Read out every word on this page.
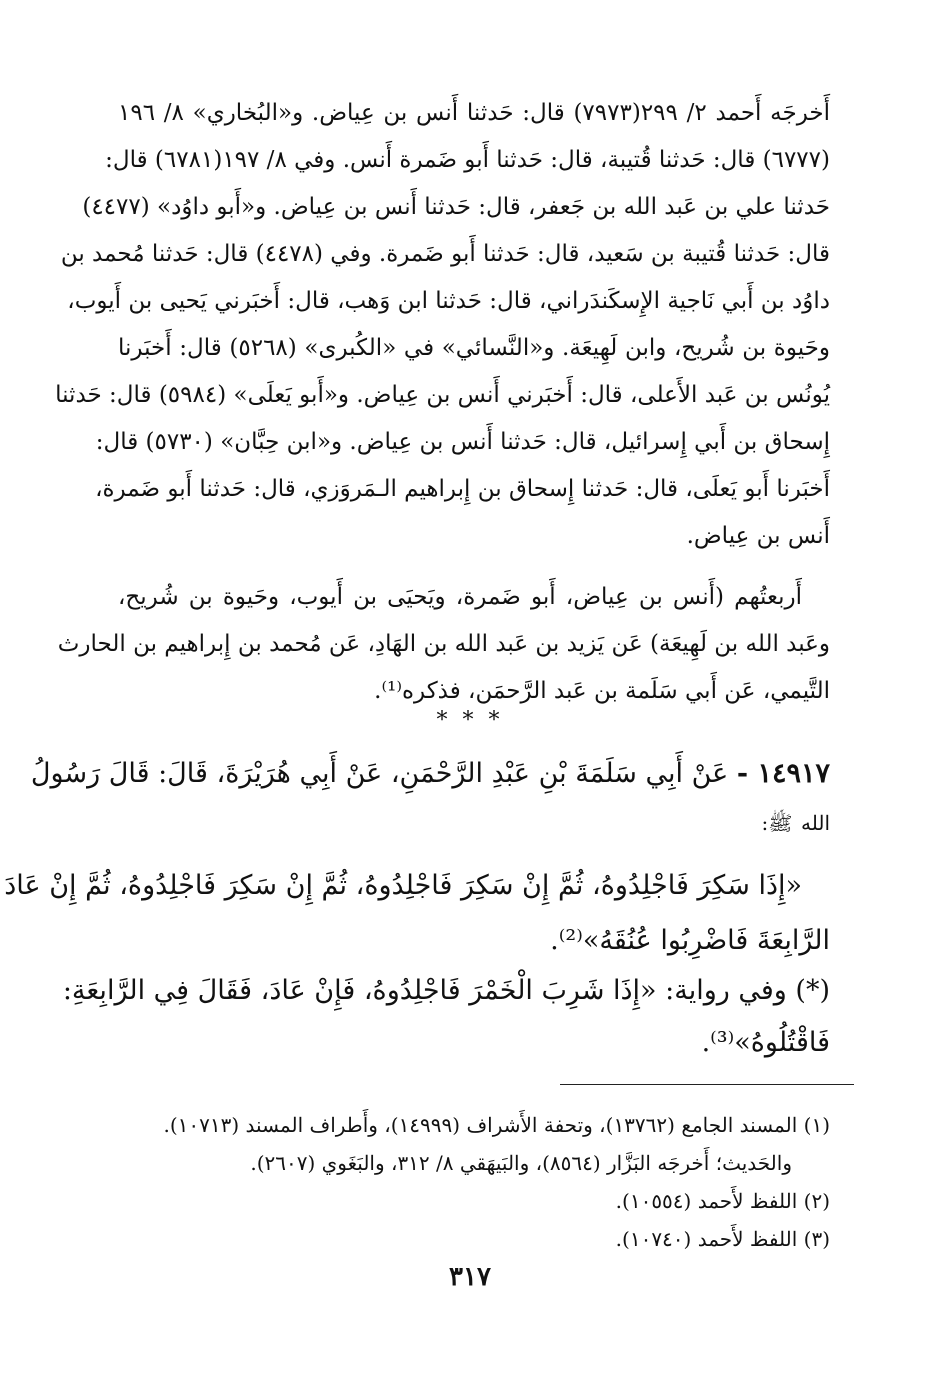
أَخرجَه أَحمد ٢/ ٢٩٩(٧٩٧٣) قال: حَدثنا أَنس بن عِياض. و«البُخاري» ٨/ ١٩٦
(٦٧٧٧) قال: حَدثنا قُتيبة، قال: حَدثنا أَبو ضَمرة أَنس. وفي ٨/ ١٩٧(٦٧٨١) قال:
حَدثنا علي بن عَبد الله بن جَعفر، قال: حَدثنا أَنس بن عِياض. و«أَبو داوُد» (٤٤٧٧)
قال: حَدثنا قُتيبة بن سَعيد، قال: حَدثنا أَبو ضَمرة. وفي (٤٤٧٨) قال: حَدثنا مُحمد بن
داوُد بن أَبي نَاجية الإِسكَندَراني، قال: حَدثنا ابن وَهب، قال: أَخبَرني يَحيى بن أَيوب،
وحَيوة بن شُريح، وابن لَهِيعَة. و«النَّسائي» في «الكُبرى» (٥٢٦٨) قال: أَخبَرنا
يُونُس بن عَبد الأَعلى، قال: أَخبَرني أَنس بن عِياض. و«أَبو يَعلَى» (٥٩٨٤) قال: حَدثنا
إِسحاق بن أَبي إِسرائيل، قال: حَدثنا أَنس بن عِياض. و«ابن حِبَّان» (٥٧٣٠) قال:
أَخبَرنا أَبو يَعلَى، قال: حَدثنا إِسحاق بن إِبراهيم الـمَروَزي، قال: حَدثنا أَبو ضَمرة،
أَنس بن عِياض.
أَربعتُهم (أَنس بن عِياض، أَبو ضَمرة، ويَحيَى بن أَيوب، وحَيوة بن شُريح،
وعَبد الله بن لَهِيعَة) عَن يَزيد بن عَبد الله بن الهَادِ، عَن مُحمد بن إِبراهيم بن الحارث
التَّيمي، عَن أَبي سَلَمة بن عَبد الرَّحمَن، فذكره⁽¹⁾.
* * *
١٤٩١٧ - عَنْ أَبِي سَلَمَةَ بْنِ عَبْدِ الرَّحْمَنِ، عَنْ أَبِي هُرَيْرَةَ، قَالَ: قَالَ رَسُولُ
الله ﷺ:
«إِذَا سَكِرَ فَاجْلِدُوهُ، ثُمَّ إِنْ سَكِرَ فَاجْلِدُوهُ، ثُمَّ إِنْ سَكِرَ فَاجْلِدُوهُ، ثُمَّ إِنْ عَادَ
الرَّابِعَةَ فَاضْرِبُوا عُنُقَهُ»⁽²⁾.
(*) وفي رواية: «إِذَا شَرِبَ الْخَمْرَ فَاجْلِدُوهُ، فَإِنْ عَادَ، فَقَالَ فِي الرَّابِعَةِ:
فَاقْتُلُوهُ»⁽³⁾.
(١) المسند الجامع (١٣٧٦٢)، وتحفة الأَشراف (١٤٩٩٩)، وأَطراف المسند (١٠٧١٣).
والحَديث؛ أَخرجَه البَزَّار (٨٥٦٤)، والبَيهَقي ٨/ ٣١٢، والبَغَوي (٢٦٠٧).
(٢) اللفظ لأَحمد (١٠٥٥٤).
(٣) اللفظ لأَحمد (١٠٧٤٠).
٣١٧
